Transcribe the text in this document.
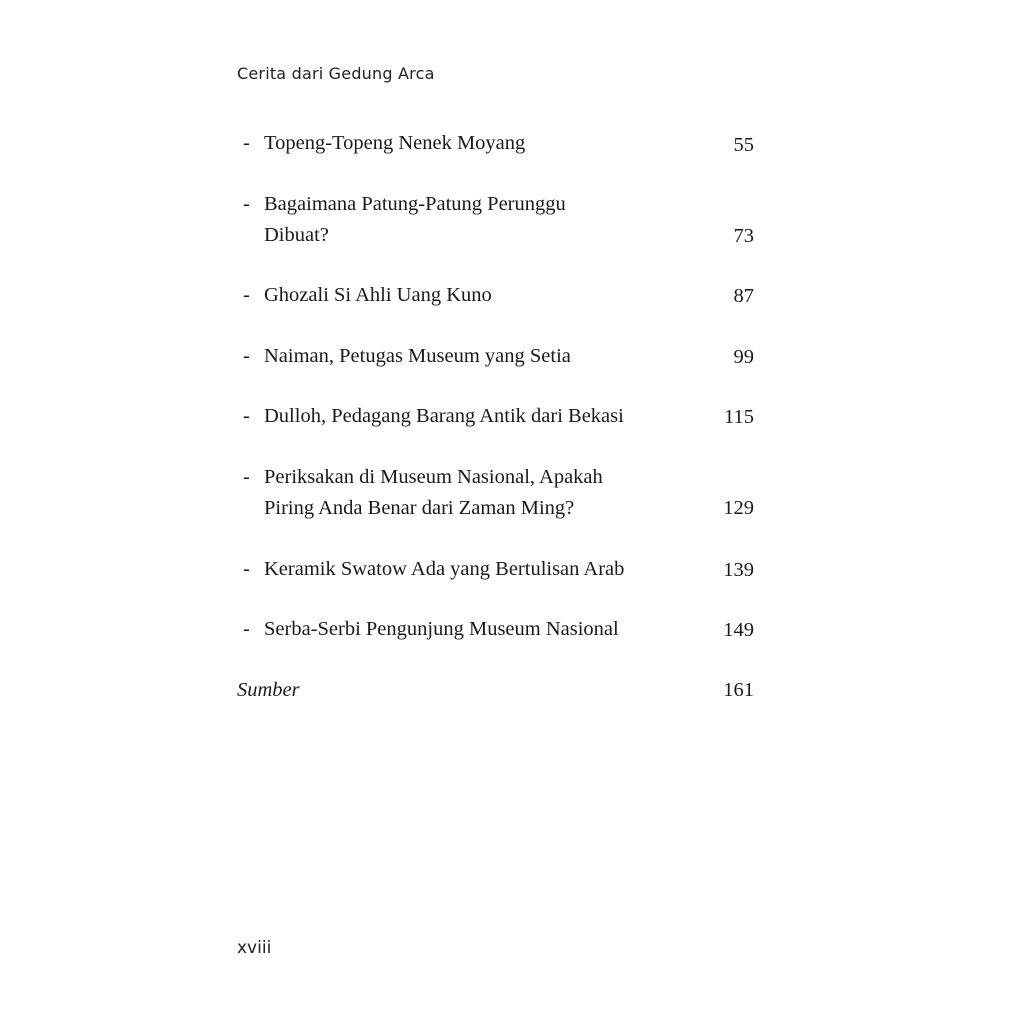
Cerita dari Gedung Arca
- Topeng-Topeng Nenek Moyang	55
- Bagaimana Patung-Patung Perunggu
Dibuat?	73
- Ghozali Si Ahli Uang Kuno	87
- Naiman, Petugas Museum yang Setia	99
- Dulloh, Pedagang Barang Antik dari Bekasi	115
- Periksakan di Museum Nasional, Apakah
Piring Anda Benar dari Zaman Ming?	129
- Keramik Swatow Ada yang Bertulisan Arab	139
- Serba-Serbi Pengunjung Museum Nasional	149
Sumber	161
xviii
